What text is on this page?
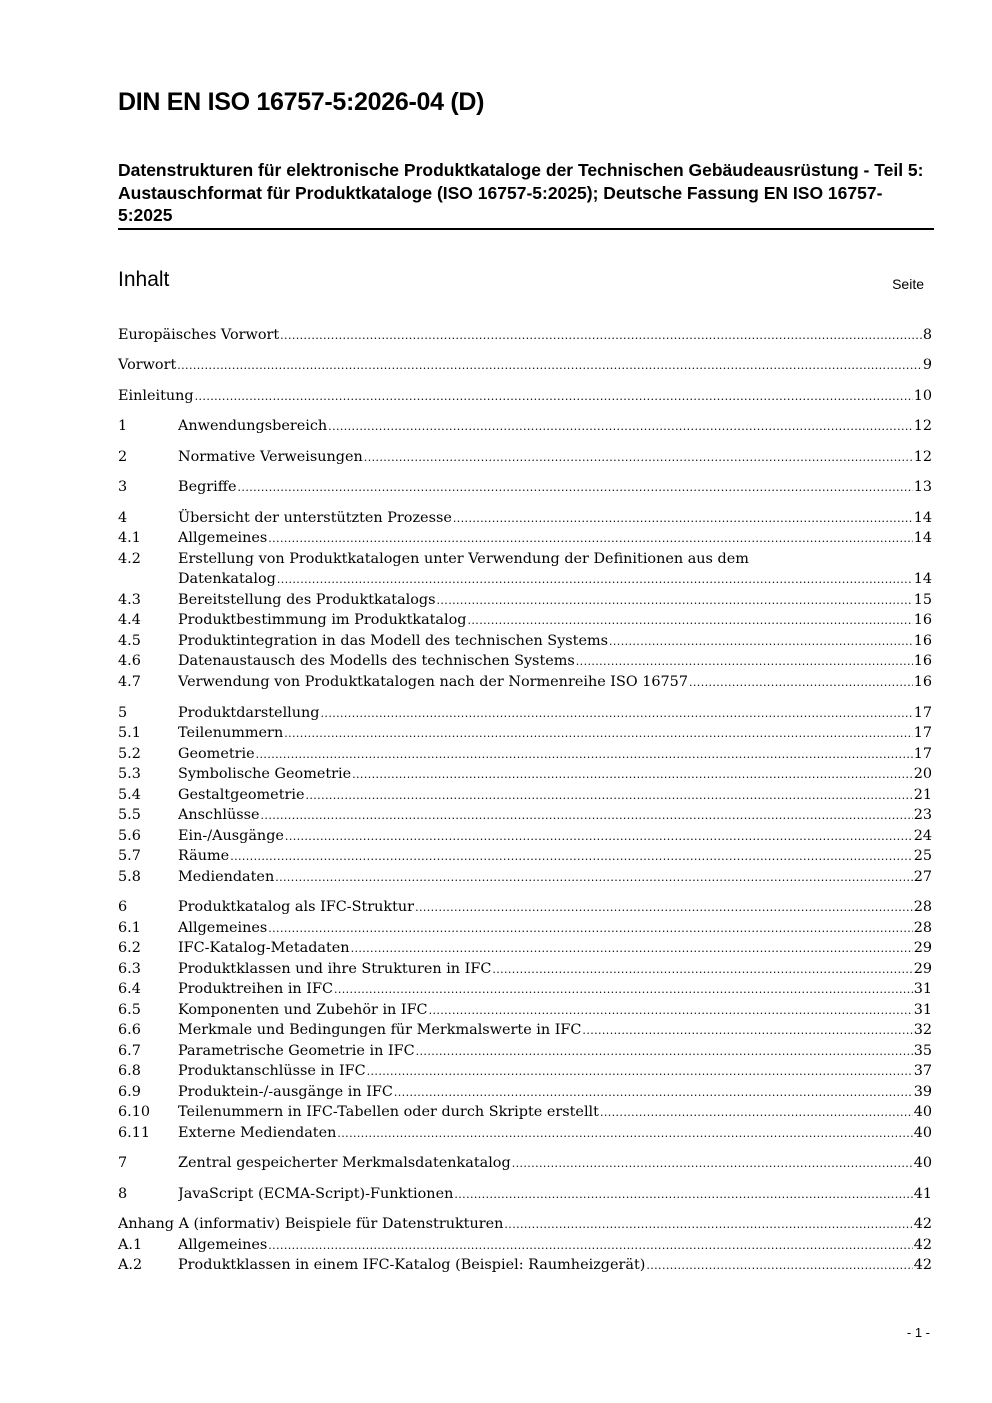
DIN EN ISO 16757-5:2026-04 (D)
Datenstrukturen für elektronische Produktkataloge der Technischen Gebäudeausrüstung - Teil 5: Austauschformat für Produktkataloge (ISO 16757-5:2025); Deutsche Fassung EN ISO 16757-5:2025
Inhalt	Seite
Europäisches Vorwort .....	8
Vorwort .....	9
Einleitung .....	10
1	Anwendungsbereich .....	12
2	Normative Verweisungen .....	12
3	Begriffe .....	13
4	Übersicht der unterstützten Prozesse .....	14
4.1	Allgemeines .....	14
4.2	Erstellung von Produktkatalogen unter Verwendung der Definitionen aus dem
Datenkatalog .....	14
4.3	Bereitstellung des Produktkatalogs .....	15
4.4	Produktbestimmung im Produktkatalog .....	16
4.5	Produktintegration in das Modell des technischen Systems .....	16
4.6	Datenaustausch des Modells des technischen Systems .....	16
4.7	Verwendung von Produktkatalogen nach der Normenreihe ISO 16757 .....	16
5	Produktdarstellung .....	17
5.1	Teilenummern .....	17
5.2	Geometrie .....	17
5.3	Symbolische Geometrie .....	20
5.4	Gestaltgeometrie .....	21
5.5	Anschlüsse .....	23
5.6	Ein-/Ausgänge .....	24
5.7	Räume .....	25
5.8	Mediendaten .....	27
6	Produktkatalog als IFC-Struktur .....	28
6.1	Allgemeines .....	28
6.2	IFC-Katalog-Metadaten .....	29
6.3	Produktklassen und ihre Strukturen in IFC .....	29
6.4	Produktreihen in IFC .....	31
6.5	Komponenten und Zubehör in IFC .....	31
6.6	Merkmale und Bedingungen für Merkmalswerte in IFC .....	32
6.7	Parametrische Geometrie in IFC .....	35
6.8	Produktanschlüsse in IFC .....	37
6.9	Produktein-/-ausgänge in IFC .....	39
6.10 Teilenummern in IFC-Tabellen oder durch Skripte erstellt .....	40
6.11 Externe Mediendaten .....	40
7	Zentral gespeicherter Merkmalsdatenkatalog .....	40
8	JavaScript (ECMA-Script)-Funktionen .....	41
Anhang A (informativ) Beispiele für Datenstrukturen .....	42
A.1 Allgemeines .....	42
A.2 Produktklassen in einem IFC-Katalog (Beispiel: Raumheizgerät) .....	42
- 1 -
